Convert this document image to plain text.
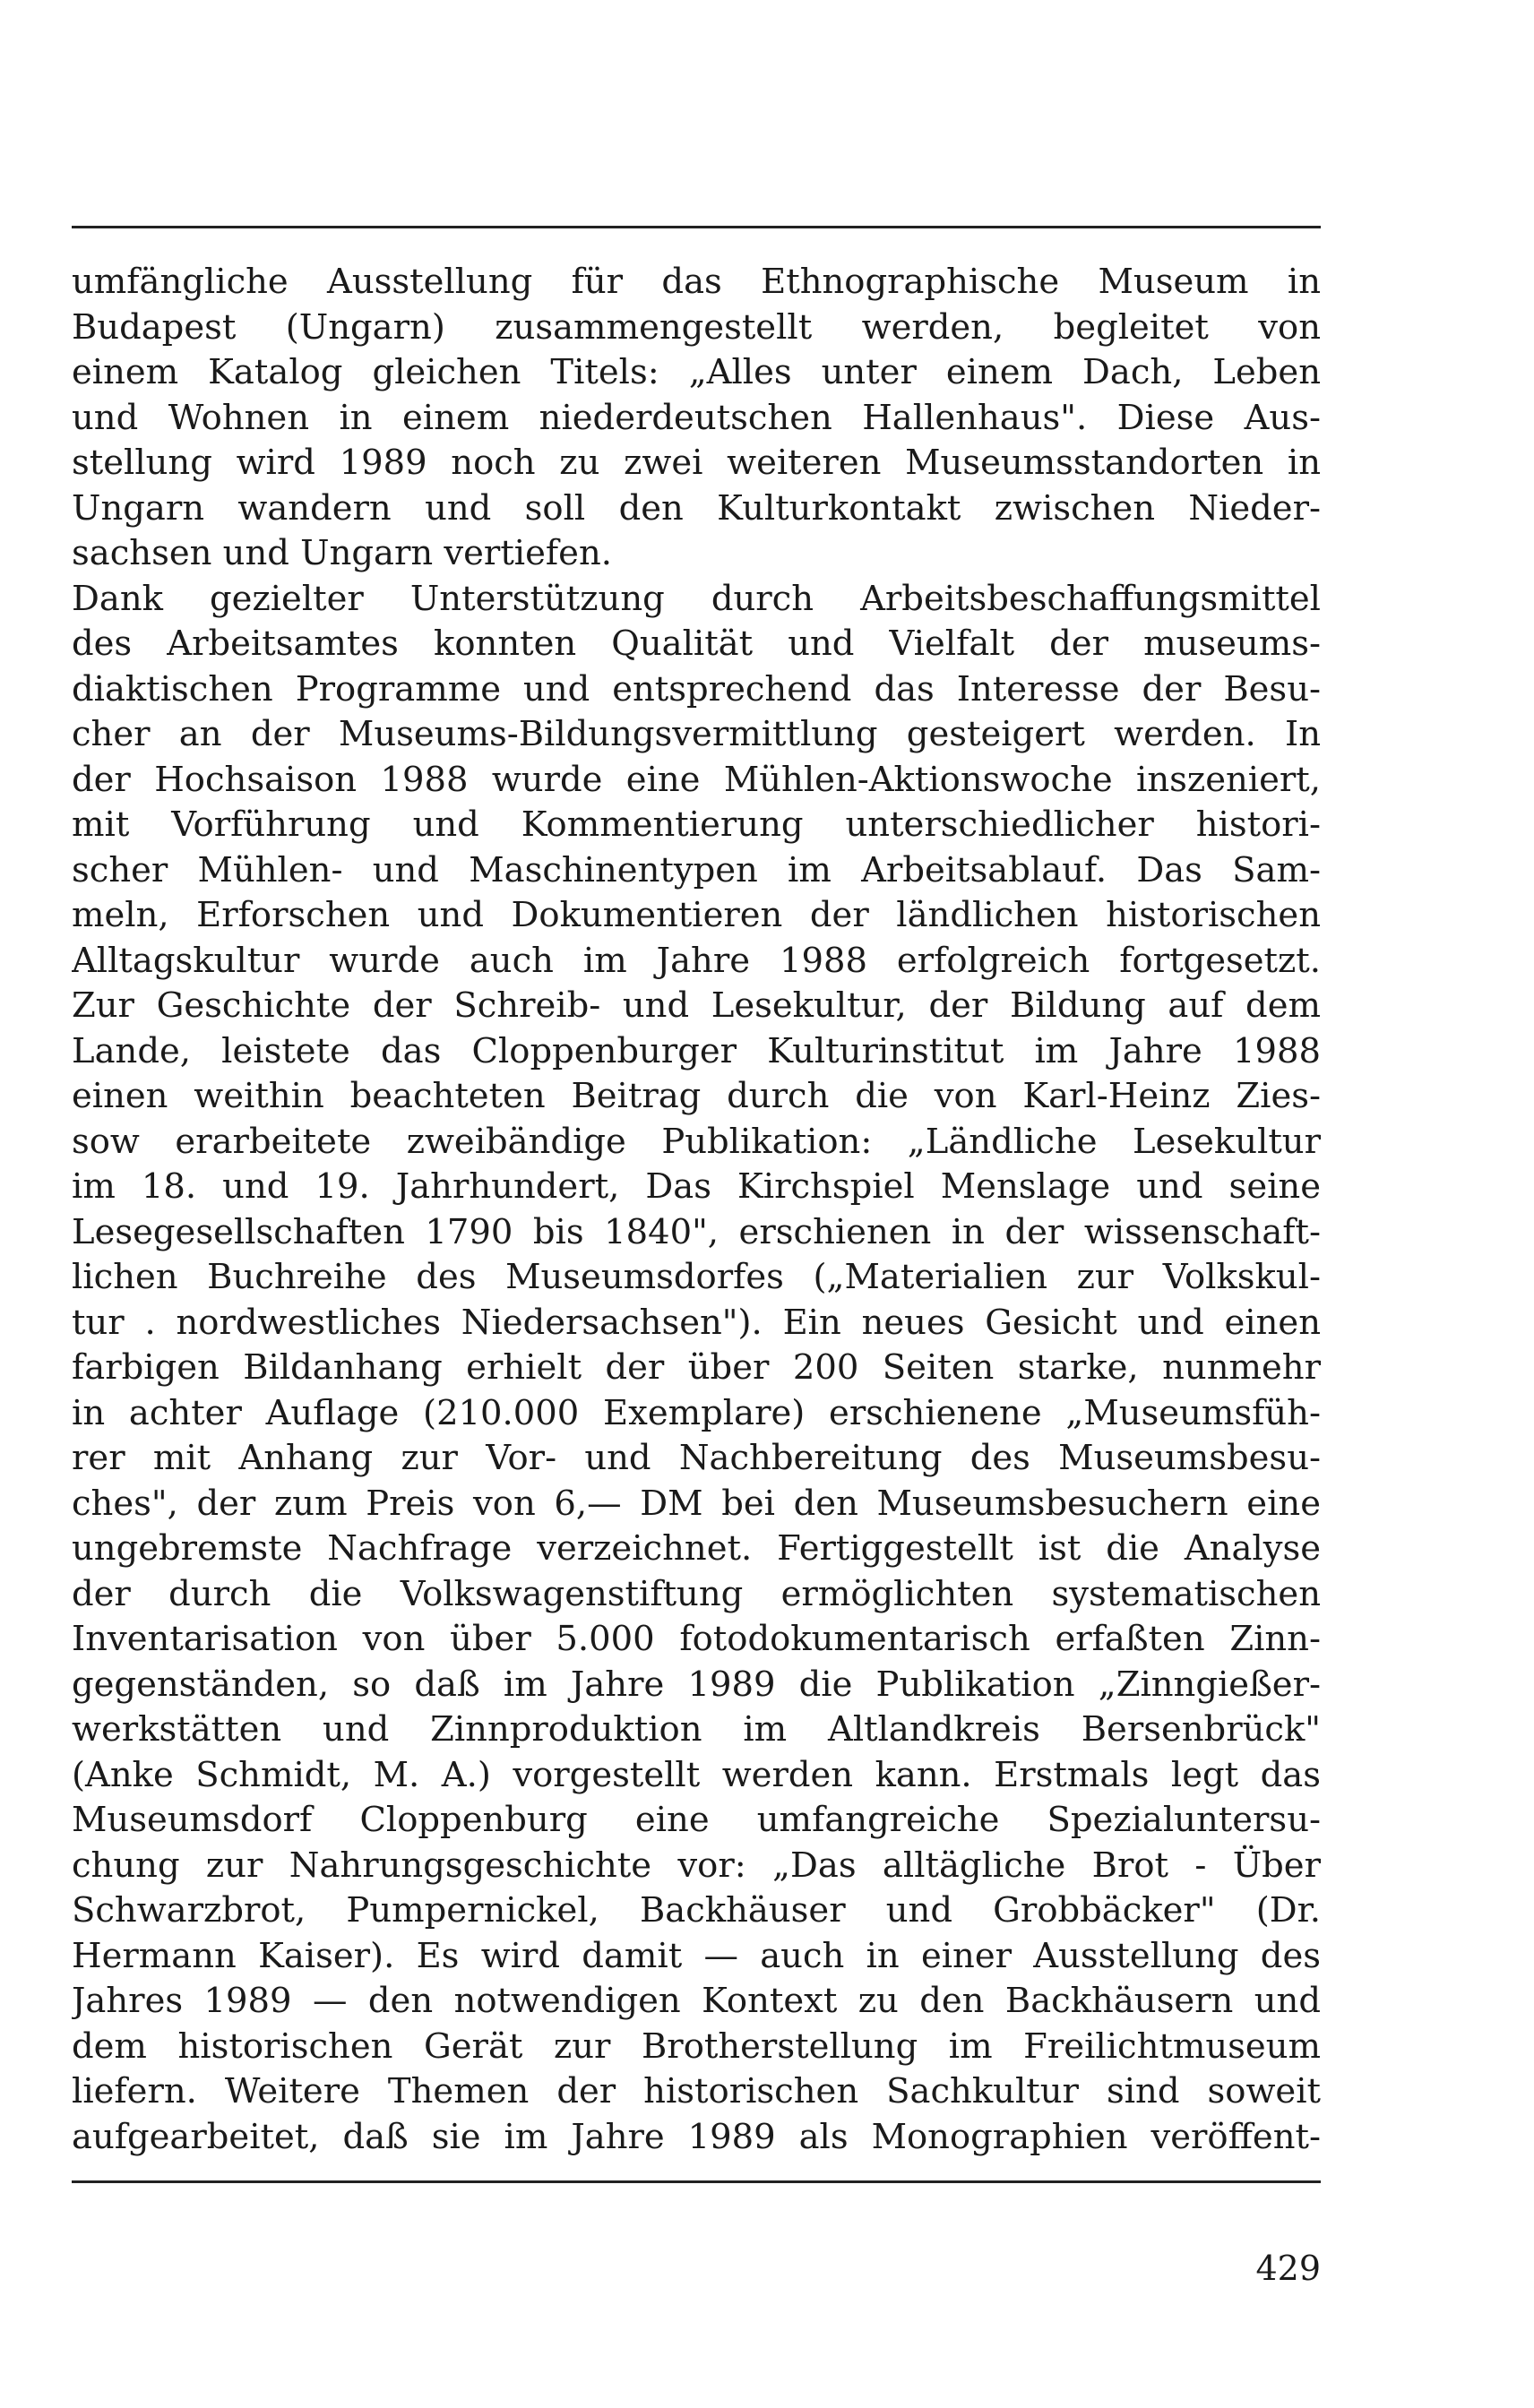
umfängliche Ausstellung für das Ethnographische Museum in
Budapest (Ungarn) zusammengestellt werden, begleitet von
einem Katalog gleichen Titels: „Alles unter einem Dach, Leben
und Wohnen in einem niederdeutschen Hallenhaus". Diese Aus-
stellung wird 1989 noch zu zwei weiteren Museumsstandorten in
Ungarn wandern und soll den Kulturkontakt zwischen Nieder-
sachsen und Ungarn vertiefen.
Dank gezielter Unterstützung durch Arbeitsbeschaffungsmittel
des Arbeitsamtes konnten Qualität und Vielfalt der museums-
diaktischen Programme und entsprechend das Interesse der Besu-
cher an der Museums-Bildungsvermittlung gesteigert werden. In
der Hochsaison 1988 wurde eine Mühlen-Aktionswoche inszeniert,
mit Vorführung und Kommentierung unterschiedlicher histori-
scher Mühlen- und Maschinentypen im Arbeitsablauf. Das Sam-
meln, Erforschen und Dokumentieren der ländlichen historischen
Alltagskultur wurde auch im Jahre 1988 erfolgreich fortgesetzt.
Zur Geschichte der Schreib- und Lesekultur, der Bildung auf dem
Lande, leistete das Cloppenburger Kulturinstitut im Jahre 1988
einen weithin beachteten Beitrag durch die von Karl-Heinz Zies-
sow erarbeitete zweibändige Publikation: „Ländliche Lesekultur
im 18. und 19. Jahrhundert, Das Kirchspiel Menslage und seine
Lesegesellschaften 1790 bis 1840", erschienen in der wissenschaft-
lichen Buchreihe des Museumsdorfes („Materialien zur Volkskul-
tur . nordwestliches Niedersachsen"). Ein neues Gesicht und einen
farbigen Bildanhang erhielt der über 200 Seiten starke, nunmehr
in achter Auflage (210.000 Exemplare) erschienene „Museumsfüh-
rer mit Anhang zur Vor- und Nachbereitung des Museumsbesu-
ches", der zum Preis von 6,— DM bei den Museumsbesuchern eine
ungebremste Nachfrage verzeichnet. Fertiggestellt ist die Analyse
der durch die Volkswagenstiftung ermöglichten systematischen
Inventarisation von über 5.000 fotodokumentarisch erfaßten Zinn-
gegenständen, so daß im Jahre 1989 die Publikation „Zinngießer-
werkstätten und Zinnproduktion im Altlandkreis Bersenbrück"
(Anke Schmidt, M. A.) vorgestellt werden kann. Erstmals legt das
Museumsdorf Cloppenburg eine umfangreiche Spezialuntersu-
chung zur Nahrungsgeschichte vor: „Das alltägliche Brot - Über
Schwarzbrot, Pumpernickel, Backhäuser und Grobbäcker" (Dr.
Hermann Kaiser). Es wird damit — auch in einer Ausstellung des
Jahres 1989 — den notwendigen Kontext zu den Backhäusern und
dem historischen Gerät zur Brotherstellung im Freilichtmuseum
liefern. Weitere Themen der historischen Sachkultur sind soweit
aufgearbeitet, daß sie im Jahre 1989 als Monographien veröffent-
429
